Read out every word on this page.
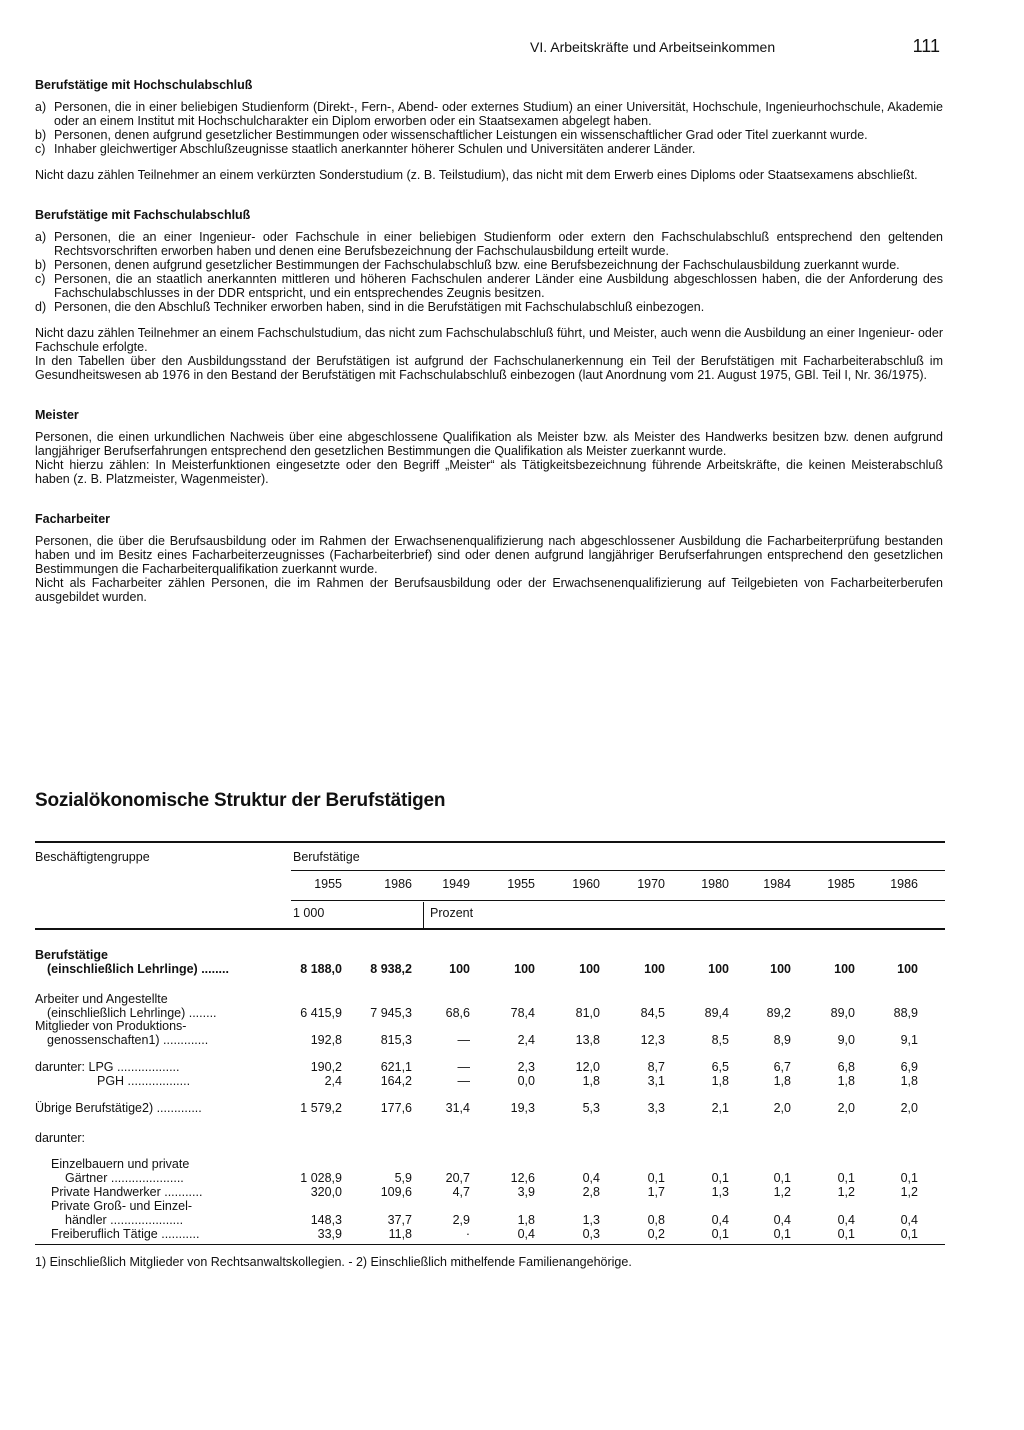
VI. Arbeitskräfte und Arbeitseinkommen	111
Berufstätige mit Hochschulabschluß
a) Personen, die in einer beliebigen Studienform (Direkt-, Fern-, Abend- oder externes Studium) an einer Universität, Hochschule, Ingenieurhochschule, Akademie oder an einem Institut mit Hochschulcharakter ein Diplom erworben oder ein Staatsexamen abgelegt haben.
b) Personen, denen aufgrund gesetzlicher Bestimmungen oder wissenschaftlicher Leistungen ein wissenschaftlicher Grad oder Titel zuerkannt wurde.
c) Inhaber gleichwertiger Abschlußzeugnisse staatlich anerkannter höherer Schulen und Universitäten anderer Länder.

Nicht dazu zählen Teilnehmer an einem verkürzten Sonderstudium (z. B. Teilstudium), das nicht mit dem Erwerb eines Diploms oder Staatsexamens abschließt.

Berufstätige mit Fachschulabschluß
a) Personen, die an einer Ingenieur- oder Fachschule in einer beliebigen Studienform oder extern den Fachschulabschluß entsprechend den geltenden Rechtsvorschriften erworben haben und denen eine Berufsbezeichnung der Fachschulausbildung erteilt wurde.
b) Personen, denen aufgrund gesetzlicher Bestimmungen der Fachschulabschluß bzw. eine Berufsbezeichnung der Fachschulausbildung zuerkannt wurde.
c) Personen, die an staatlich anerkannten mittleren und höheren Fachschulen anderer Länder eine Ausbildung abgeschlossen haben, die der Anforderung des Fachschulabschlusses in der DDR entspricht, und ein entsprechendes Zeugnis besitzen.
d) Personen, die den Abschluß Techniker erworben haben, sind in die Berufstätigen mit Fachschulabschluß einbezogen.

Nicht dazu zählen Teilnehmer an einem Fachschulstudium, das nicht zum Fachschulabschluß führt, und Meister, auch wenn die Ausbildung an einer Ingenieur- oder Fachschule erfolgte.

In den Tabellen über den Ausbildungsstand der Berufstätigen ist aufgrund der Fachschulanerkennung ein Teil der Berufstätigen mit Facharbeiterabschluß im Gesundheitswesen ab 1976 in den Bestand der Berufstätigen mit Fachschulabschluß einbezogen (laut Anordnung vom 21. August 1975, GBl. Teil I, Nr. 36/1975).

Meister

Personen, die einen urkundlichen Nachweis über eine abgeschlossene Qualifikation als Meister bzw. als Meister des Handwerks besitzen bzw. denen aufgrund langjähriger Berufserfahrungen entsprechend den gesetzlichen Bestimmungen die Qualifikation als Meister zuerkannt wurde.

Nicht hierzu zählen: In Meisterfunktionen eingesetzte oder den Begriff „Meister“ als Tätigkeitsbezeichnung führende Arbeitskräfte, die keinen Meisterabschluß haben (z. B. Platzmeister, Wagenmeister).

Facharbeiter

Personen, die über die Berufsausbildung oder im Rahmen der Erwachsenenqualifizierung nach abgeschlossener Ausbildung die Facharbeiterprüfung bestanden haben und im Besitz eines Facharbeiterzeugnisses (Facharbeiterbrief) sind oder denen aufgrund langjähriger Berufserfahrungen entsprechend den gesetzlichen Bestimmungen die Facharbeiterqualifikation zuerkannt wurde.

Nicht als Facharbeiter zählen Personen, die im Rahmen der Berufsausbildung oder der Erwachsenenqualifizierung auf Teilgebieten von Facharbeiterberufen ausgebildet wurden.

Sozialökonomische Struktur der Berufstätigen
Beschäftigtengruppe	Berufstätige
1955	1986	1949	1955	1960	1970	1980	1984	1985	1986
1 000	Prozent
Berufstätige
(einschließlich Lehrlinge) ........	8 188,0	8 938,2	100	100	100	100	100	100	100	100
Arbeiter und Angestellte
(einschließlich Lehrlinge) ........	6 415,9	7 945,3	68,6	78,4	81,0	84,5	89,4	89,2	89,0	88,9
Mitglieder von Produktions-
genossenschaften1) .............	192,8	815,3	—	2,4	13,8	12,3	8,5	8,9	9,0	9,1
darunter: LPG ..................	190,2	621,1	—	2,3	12,0	8,7	6,5	6,7	6,8	6,9
PGH ..................	2,4	164,2	—	0,0	1,8	3,1	1,8	1,8	1,8	1,8
Übrige Berufstätige2) .............	1 579,2	177,6	31,4	19,3	5,3	3,3	2,1	2,0	2,0	2,0
darunter:
Einzelbauern und private
Gärtner .....................	1 028,9	5,9	20,7	12,6	0,4	0,1	0,1	0,1	0,1	0,1
Private Handwerker ...........	320,0	109,6	4,7	3,9	2,8	1,7	1,3	1,2	1,2	1,2
Private Groß- und Einzel-
händler .....................	148,3	37,7	2,9	1,8	1,3	0,8	0,4	0,4	0,4	0,4
Freiberuflich Tätige ...........	33,9	11,8	·	0,4	0,3	0,2	0,1	0,1	0,1	0,1
1) Einschließlich Mitglieder von Rechtsanwaltskollegien. - 2) Einschließlich mithelfende Familienangehörige.
